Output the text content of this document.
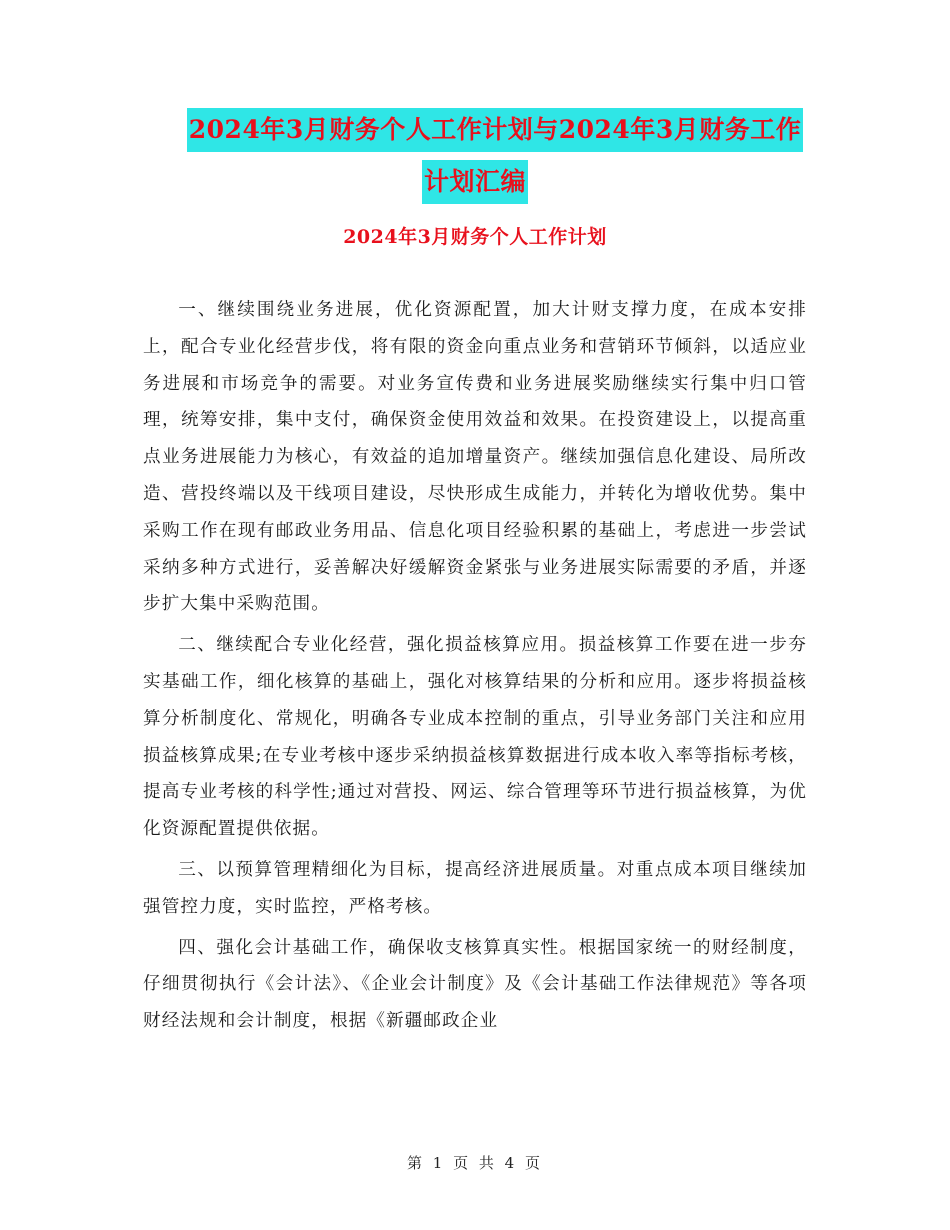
2024年3月财务个人工作计划与2024年3月财务工作
计划汇编
2024年3月财务个人工作计划

一、继续围绕业务进展，优化资源配置，加大计财支撑力度，在成本安排上，配合专业化经营步伐，将有限的资金向重点业务和营销环节倾斜，以适应业务进展和市场竞争的需要。对业务宣传费和业务进展奖励继续实行集中归口管理，统筹安排，集中支付，确保资金使用效益和效果。在投资建设上，以提高重点业务进展能力为核心，有效益的追加增量资产。继续加强信息化建设、局所改造、营投终端以及干线项目建设，尽快形成生成能力，并转化为增收优势。集中采购工作在现有邮政业务用品、信息化项目经验积累的基础上，考虑进一步尝试采纳多种方式进行，妥善解决好缓解资金紧张与业务进展实际需要的矛盾，并逐步扩大集中采购范围。

二、继续配合专业化经营，强化损益核算应用。损益核算工作要在进一步夯实基础工作，细化核算的基础上，强化对核算结果的分析和应用。逐步将损益核算分析制度化、常规化，明确各专业成本控制的重点，引导业务部门关注和应用损益核算成果;在专业考核中逐步采纳损益核算数据进行成本收入率等指标考核，提高专业考核的科学性;通过对营投、网运、综合管理等环节进行损益核算，为优化资源配置提供依据。

三、以预算管理精细化为目标，提高经济进展质量。对重点成本项目继续加强管控力度，实时监控，严格考核。

四、强化会计基础工作，确保收支核算真实性。根据国家统一的财经制度，仔细贯彻执行《会计法》、《企业会计制度》及《会计基础工作法律规范》等各项财经法规和会计制度，根据《新疆邮政企业

第 1 页 共 4 页
